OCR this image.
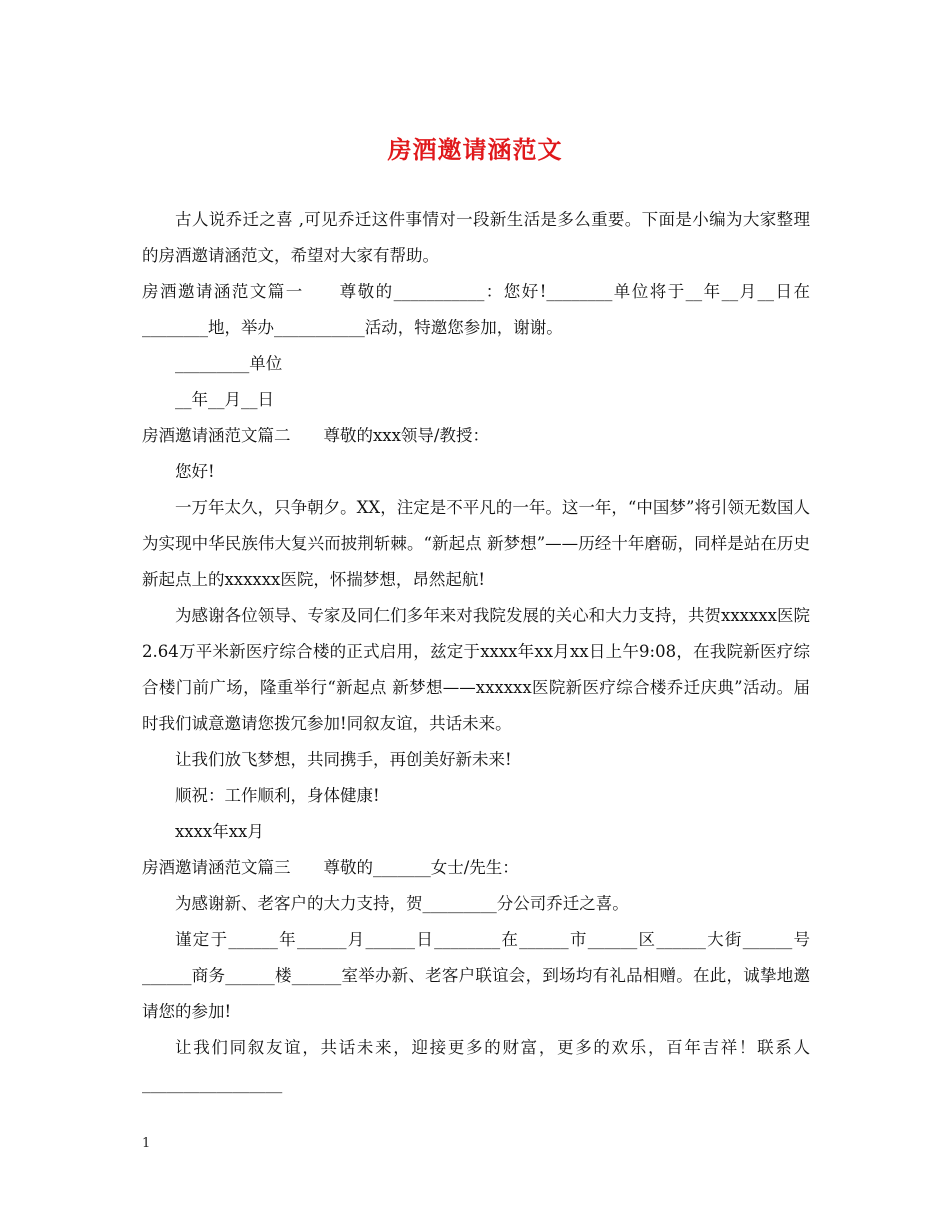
房酒邀请涵范文

古人说乔迁之喜 ,可见乔迁这件事情对一段新生活是多么重要。下面是小编为大家整理的房酒邀请涵范文，希望对大家有帮助。

房酒邀请涵范文篇一　　尊敬的___________：您好!________单位将于__年__月__日在________地，举办___________活动，特邀您参加，谢谢。

_________单位

__年__月__日

房酒邀请涵范文篇二　　尊敬的xxx领导/教授：

您好!

一万年太久，只争朝夕。XX，注定是不平凡的一年。这一年，“中国梦”将引领无数国人为实现中华民族伟大复兴而披荆斩棘。“新起点 新梦想”——历经十年磨砺，同样是站在历史新起点上的xxxxxx医院，怀揣梦想，昂然起航!

为感谢各位领导、专家及同仁们多年来对我院发展的关心和大力支持，共贺xxxxxx医院2.64万平米新医疗综合楼的正式启用，兹定于xxxx年xx月xx日上午9:08，在我院新医疗综合楼门前广场，隆重举行“新起点 新梦想——xxxxxx医院新医疗综合楼乔迁庆典”活动。届时我们诚意邀请您拨冗参加!同叙友谊，共话未来。

让我们放飞梦想，共同携手，再创美好新未来!

顺祝：工作顺利，身体健康!

xxxx年xx月

房酒邀请涵范文篇三　　尊敬的_______女士/先生：

为感谢新、老客户的大力支持，贺_________分公司乔迁之喜。

谨定于______年______月______日________在______市______区______大街______号______商务______楼______室举办新、老客户联谊会，到场均有礼品相赠。在此，诚挚地邀请您的参加!

让我们同叙友谊，共话未来，迎接更多的财富，更多的欢乐，百年吉祥！联系人 _________________

1
